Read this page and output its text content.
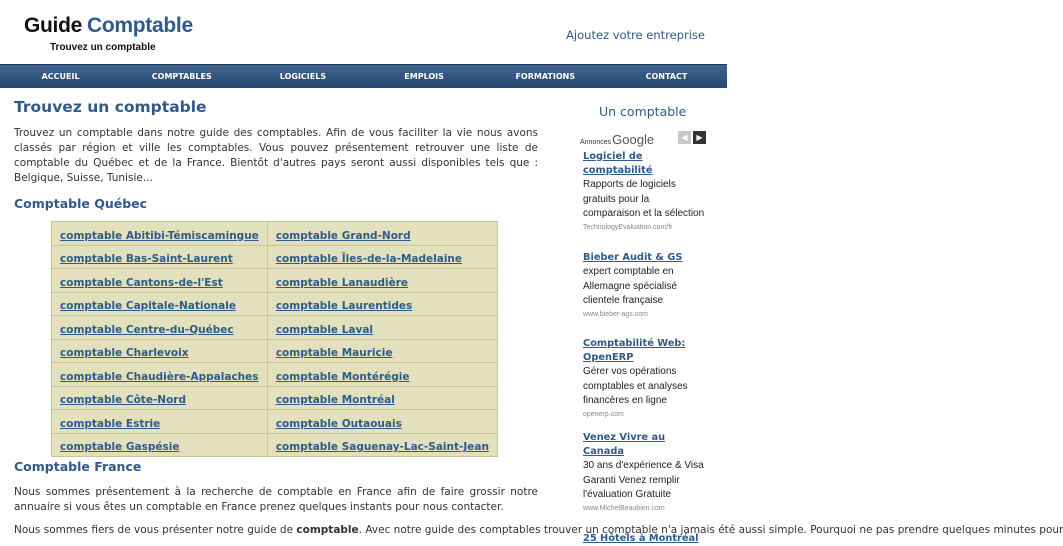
Guide Comptable
Trouvez un comptable
Ajoutez votre entreprise
ACCUEIL	COMPTABLES	LOGICIELS	EMPLOIS	FORMATIONS	CONTACT
Trouvez un comptable

Trouvez un comptable dans notre guide des comptables. Afin de vous faciliter la vie nous avons classés par région et ville les comptables. Vous pouvez présentement retrouver une liste de comptable du Québec et de la France. Bientôt d'autres pays seront aussi disponibles tels que : Belgique, Suisse, Tunisie...

Comptable Québec
comptable Abitibi-Témiscamingue	comptable Grand-Nord
comptable Bas-Saint-Laurent	comptable Îles-de-la-Madelaine
comptable Cantons-de-l'Est	comptable Lanaudière
comptable Capitale-Nationale	comptable Laurentides
comptable Centre-du-Québec	comptable Laval
comptable Charlevoix	comptable Mauricie
comptable Chaudière-Appalaches	comptable Montérégie
comptable Côte-Nord	comptable Montréal
comptable Estrie	comptable Outaouais
comptable Gaspésie	comptable Saguenay-Lac-Saint-Jean
Comptable France

Nous sommes présentement à la recherche de comptable en France afin de faire grossir notre annuaire si vous êtes un comptable en France prenez quelques instants pour nous contacter.

Nous sommes fiers de vous présenter notre guide de comptable. Avec notre guide des comptables trouver un comptable n'a jamais été aussi simple. Pourquoi ne pas prendre quelques minutes pour

Un comptable
AnnoncesGoogle	◀	▶
Logiciel de comptabilité
Rapports de logiciels gratuits pour la comparaison et la sélection
TechnologyEvaluation.com/fr
Bieber Audit & GS
expert comptable en Allemagne spécialisé clientele française
www.bieber-ags.com
Comptabilité Web: OpenERP
Gérer vos opérations comptables et analyses financères en ligne
openerp.com
Venez Vivre au Canada
30 ans d'expérience & Visa Garanti Venez remplir l'évaluation Gratuite
www.MichelBeaubien.com
25 Hôtels à Montréal
